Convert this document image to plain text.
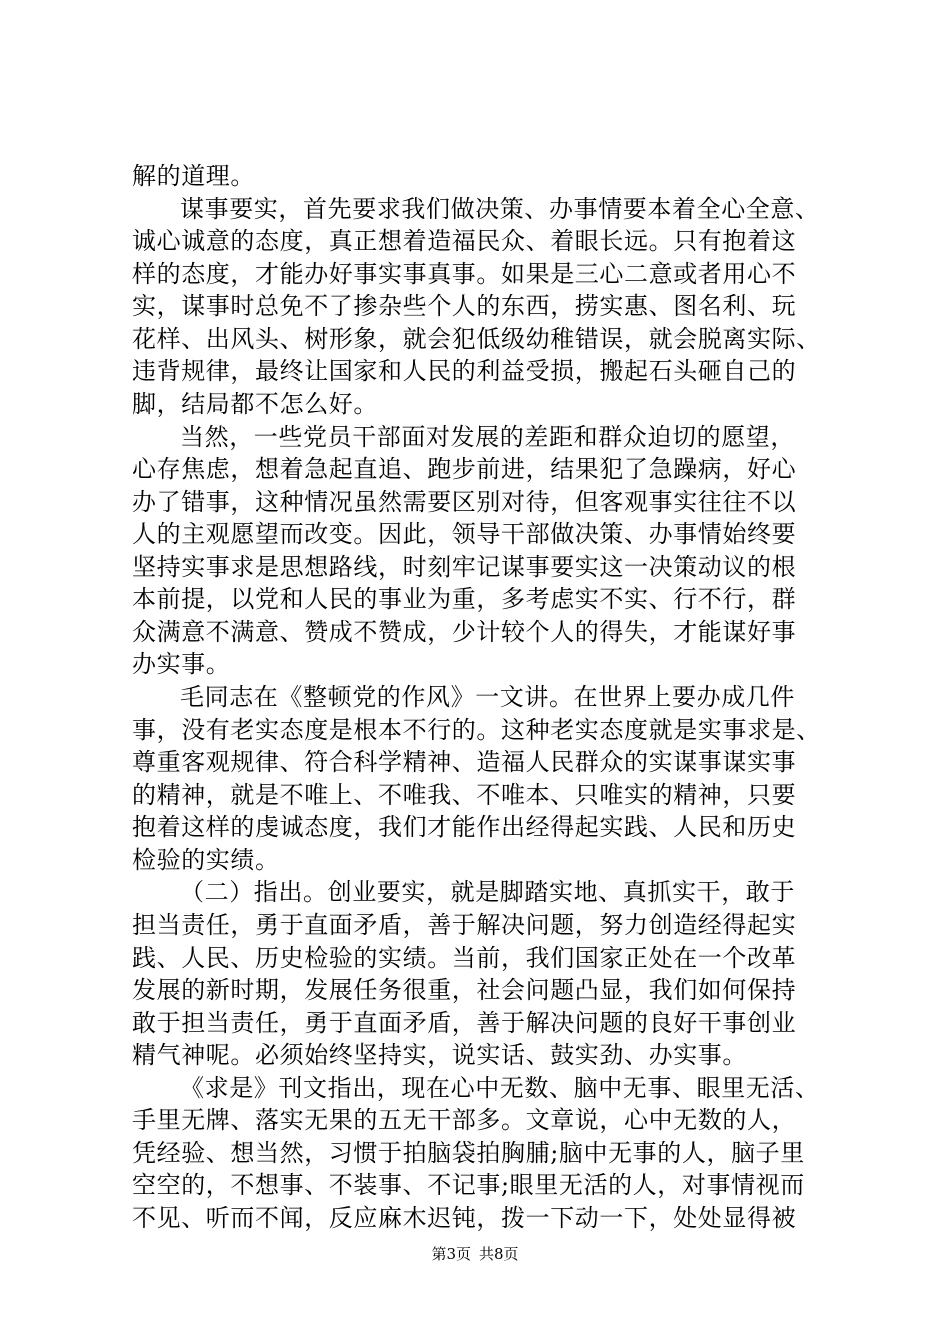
解的道理。
谋事要实，首先要求我们做决策、办事情要本着全心全意、
诚心诚意的态度，真正想着造福民众、着眼长远。只有抱着这
样的态度，才能办好事实事真事。如果是三心二意或者用心不
实，谋事时总免不了掺杂些个人的东西，捞实惠、图名利、玩
花样、出风头、树形象，就会犯低级幼稚错误，就会脱离实际、
违背规律，最终让国家和人民的利益受损，搬起石头砸自己的
脚，结局都不怎么好。
当然，一些党员干部面对发展的差距和群众迫切的愿望，
心存焦虑，想着急起直追、跑步前进，结果犯了急躁病，好心
办了错事，这种情况虽然需要区别对待，但客观事实往往不以
人的主观愿望而改变。因此，领导干部做决策、办事情始终要
坚持实事求是思想路线，时刻牢记谋事要实这一决策动议的根
本前提，以党和人民的事业为重，多考虑实不实、行不行，群
众满意不满意、赞成不赞成，少计较个人的得失，才能谋好事
办实事。
毛同志在《整顿党的作风》一文讲。在世界上要办成几件
事，没有老实态度是根本不行的。这种老实态度就是实事求是、
尊重客观规律、符合科学精神、造福人民群众的实谋事谋实事
的精神，就是不唯上、不唯我、不唯本、只唯实的精神，只要
抱着这样的虔诚态度，我们才能作出经得起实践、人民和历史
检验的实绩。
（二）指出。创业要实，就是脚踏实地、真抓实干，敢于
担当责任，勇于直面矛盾，善于解决问题，努力创造经得起实
践、人民、历史检验的实绩。当前，我们国家正处在一个改革
发展的新时期，发展任务很重，社会问题凸显，我们如何保持
敢于担当责任，勇于直面矛盾，善于解决问题的良好干事创业
精气神呢。必须始终坚持实，说实话、鼓实劲、办实事。
《求是》刊文指出，现在心中无数、脑中无事、眼里无活、
手里无牌、落实无果的五无干部多。文章说，心中无数的人，
凭经验、想当然，习惯于拍脑袋拍胸脯;脑中无事的人，脑子里
空空的，不想事、不装事、不记事;眼里无活的人，对事情视而
不见、听而不闻，反应麻木迟钝，拨一下动一下，处处显得被
第3页 共8页
